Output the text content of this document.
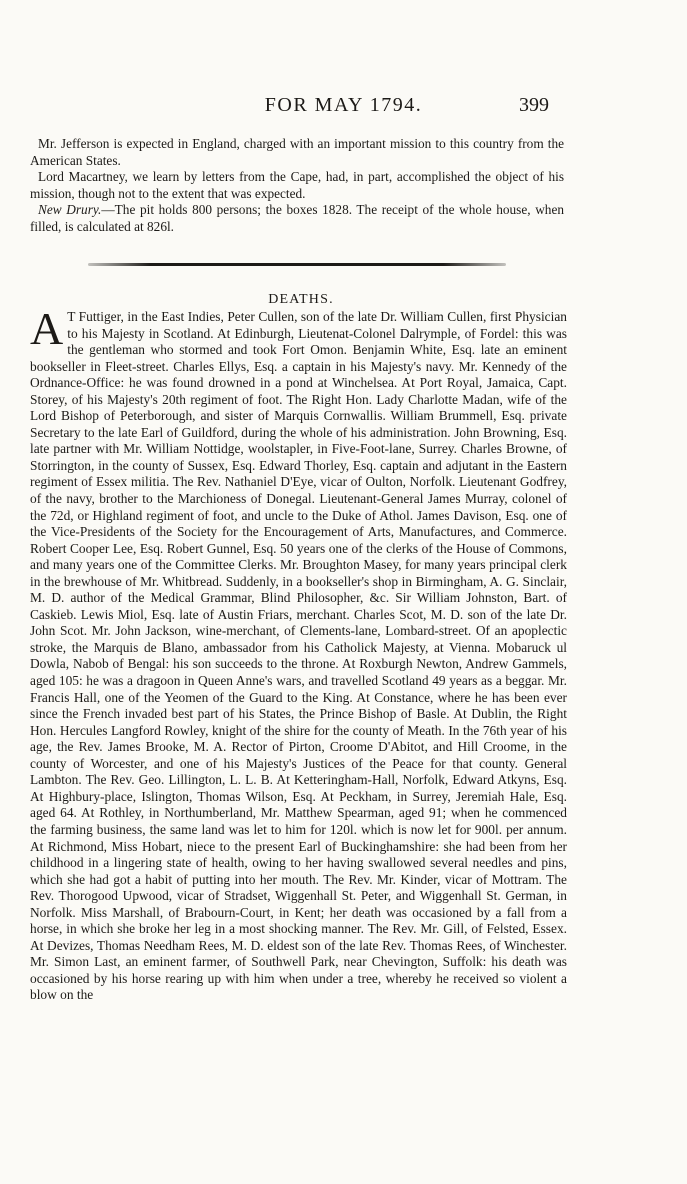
FOR MAY 1794.	399

Mr. Jefferson is expected in England, charged with an important mission to this country from the American States.

Lord Macartney, we learn by letters from the Cape, had, in part, accomplished the object of his mission, though not to the extent that was expected.

New Drury.—The pit holds 800 persons; the boxes 1828. The receipt of the whole house, when filled, is calculated at 826l.

DEATHS.

A T Futtiger, in the East Indies, Peter Cullen, son of the late Dr. William Cullen, first Physician to his Majesty in Scotland. At Edinburgh, Lieutenat-Colonel Dalrymple, of Fordel: this was the gentleman who stormed and took Fort Omon. Benjamin White, Esq. late an eminent bookseller in Fleet-street. Charles Ellys, Esq. a captain in his Majesty's navy. Mr. Kennedy of the Ordnance-Office: he was found drowned in a pond at Winchelsea. At Port Royal, Jamaica, Capt. Storey, of his Majesty's 20th regiment of foot. The Right Hon. Lady Charlotte Madan, wife of the Lord Bishop of Peterborough, and sister of Marquis Cornwallis. William Brummell, Esq. private Secretary to the late Earl of Guildford, during the whole of his administration. John Browning, Esq. late partner with Mr. William Nottidge, woolstapler, in Five-Foot-lane, Surrey. Charles Browne, of Storrington, in the county of Sussex, Esq. Edward Thorley, Esq. captain and adjutant in the Eastern regiment of Essex militia. The Rev. Nathaniel D'Eye, vicar of Oulton, Norfolk. Lieutenant Godfrey, of the navy, brother to the Marchioness of Donegal. Lieutenant-General James Murray, colonel of the 72d, or Highland regiment of foot, and uncle to the Duke of Athol. James Davison, Esq. one of the Vice-Presidents of the Society for the Encouragement of Arts, Manufactures, and Commerce. Robert Cooper Lee, Esq. Robert Gunnel, Esq. 50 years one of the clerks of the House of Commons, and many years one of the Committee Clerks. Mr. Broughton Masey, for many years principal clerk in the brewhouse of Mr. Whitbread. Suddenly, in a bookseller's shop in Birmingham, A. G. Sinclair, M. D. author of the Medical Grammar, Blind Philosopher, &c. Sir William Johnston, Bart. of Caskieb. Lewis Miol, Esq. late of Austin Friars, merchant. Charles Scot, M. D. son of the late Dr. John Scot. Mr. John Jackson, wine-merchant, of Clements-lane, Lombard-street. Of an apoplectic stroke, the Marquis de Blano, ambassador from his Catholick Majesty, at Vienna. Mobaruck ul Dowla, Nabob of Bengal: his son succeeds to the throne. At Roxburgh Newton, Andrew Gammels, aged 105: he was a dragoon in Queen Anne's wars, and travelled Scotland 49 years as a beggar. Mr. Francis Hall, one of the Yeomen of the Guard to the King. At Constance, where he has been ever since the French invaded best part of his States, the Prince Bishop of Basle. At Dublin, the Right Hon. Hercules Langford Rowley, knight of the shire for the county of Meath. In the 76th year of his age, the Rev. James Brooke, M. A. Rector of Pirton, Croome D'Abitot, and Hill Croome, in the county of Worcester, and one of his Majesty's Justices of the Peace for that county. General Lambton. The Rev. Geo. Lillington, L. L. B. At Ketteringham-Hall, Norfolk, Edward Atkyns, Esq. At Highbury-place, Islington, Thomas Wilson, Esq. At Peckham, in Surrey, Jeremiah Hale, Esq. aged 64. At Rothley, in Northumberland, Mr. Matthew Spearman, aged 91; when he commenced the farming business, the same land was let to him for 120l. which is now let for 900l. per annum. At Richmond, Miss Hobart, niece to the present Earl of Buckinghamshire: she had been from her childhood in a lingering state of health, owing to her having swallowed several needles and pins, which she had got a habit of putting into her mouth. The Rev. Mr. Kinder, vicar of Mottram. The Rev. Thorogood Upwood, vicar of Stradset, Wiggenhall St. Peter, and Wiggenhall St. German, in Norfolk. Miss Marshall, of Brabourn-Court, in Kent; her death was occasioned by a fall from a horse, in which she broke her leg in a most shocking manner. The Rev. Mr. Gill, of Felsted, Essex. At Devizes, Thomas Needham Rees, M. D. eldest son of the late Rev. Thomas Rees, of Winchester. Mr. Simon Last, an eminent farmer, of Southwell Park, near Chevington, Suffolk: his death was occasioned by his horse rearing up with him when under a tree, whereby he received so violent a blow on the
